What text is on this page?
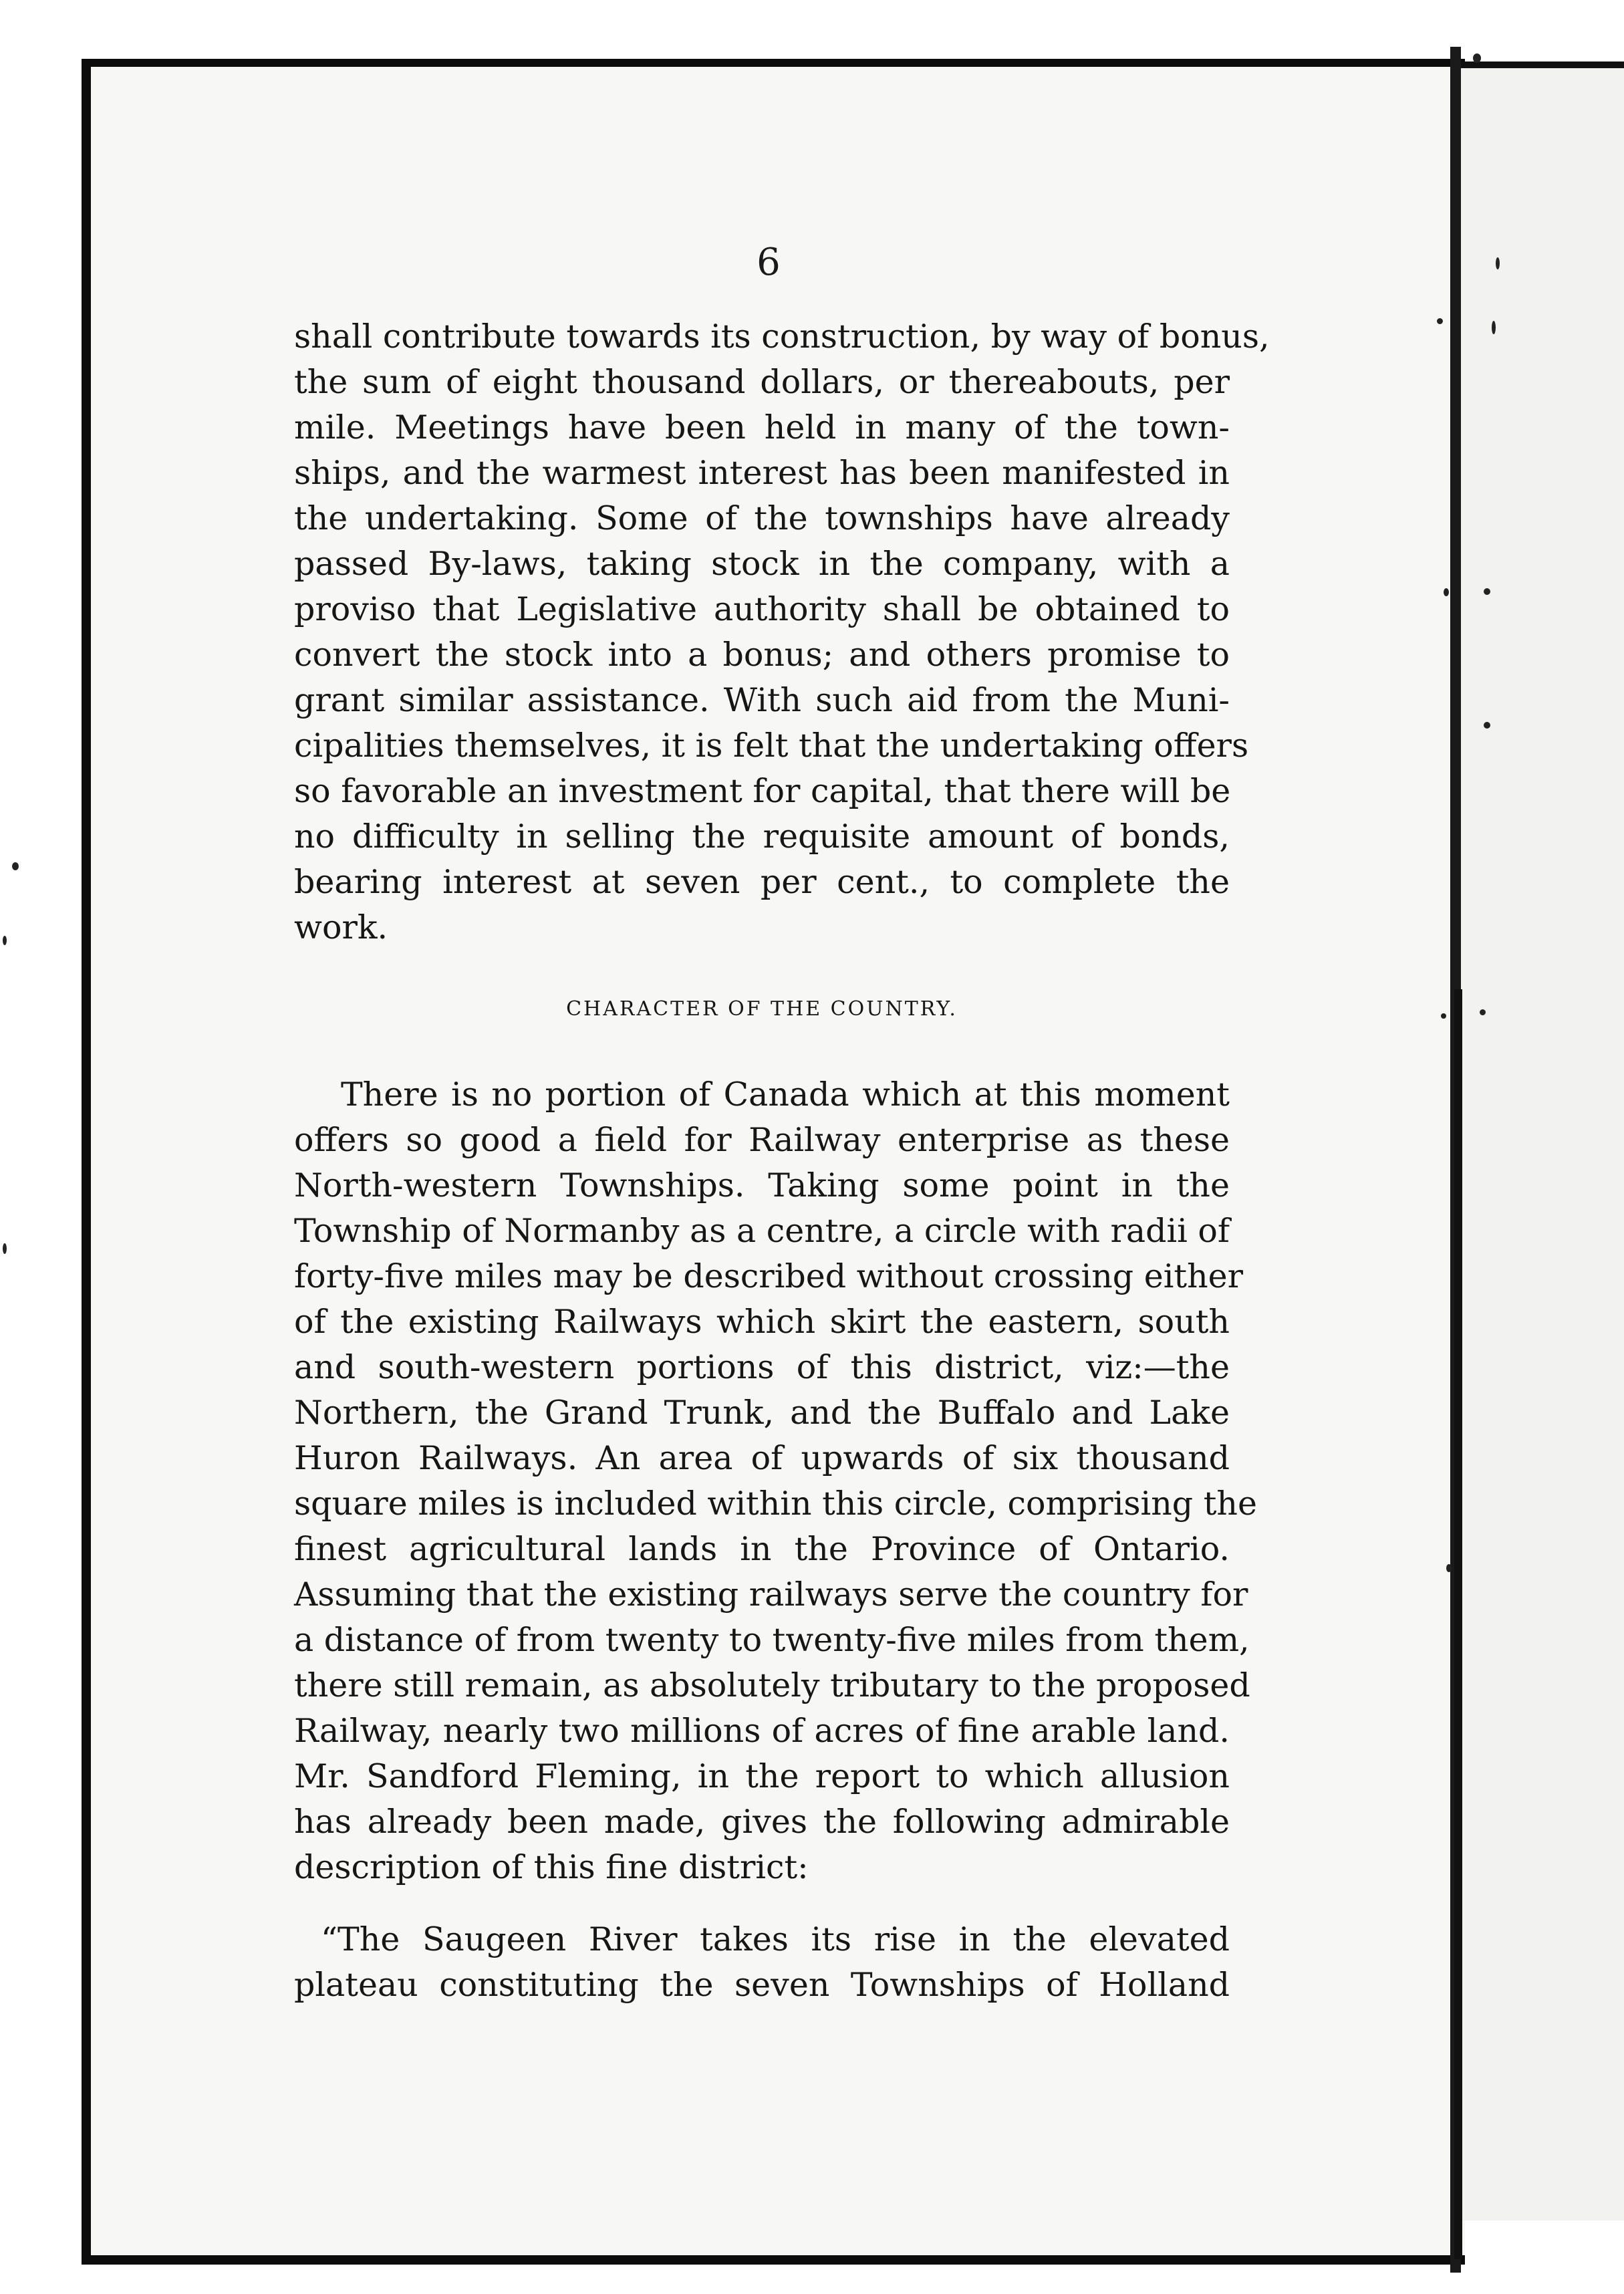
6
shall contribute towards its construction, by way of bonus,
the sum of eight thousand dollars, or thereabouts, per
mile. Meetings have been held in many of the town-
ships, and the warmest interest has been manifested in
the undertaking. Some of the townships have already
passed By-laws, taking stock in the company, with a
proviso that Legislative authority shall be obtained to
convert the stock into a bonus; and others promise to
grant similar assistance. With such aid from the Muni-
cipalities themselves, it is felt that the undertaking offers
so favorable an investment for capital, that there will be
no difficulty in selling the requisite amount of bonds,
bearing interest at seven per cent., to complete the
work.
CHARACTER OF THE COUNTRY.
There is no portion of Canada which at this moment
offers so good a field for Railway enterprise as these
North-western Townships. Taking some point in the
Township of Normanby as a centre, a circle with radii of
forty-five miles may be described without crossing either
of the existing Railways which skirt the eastern, south
and south-western portions of this district, viz:—the
Northern, the Grand Trunk, and the Buffalo and Lake
Huron Railways. An area of upwards of six thousand
square miles is included within this circle, comprising the
finest agricultural lands in the Province of Ontario.
Assuming that the existing railways serve the country for
a distance of from twenty to twenty-five miles from them,
there still remain, as absolutely tributary to the proposed
Railway, nearly two millions of acres of fine arable land.
Mr. Sandford Fleming, in the report to which allusion
has already been made, gives the following admirable
description of this fine district:
“The Saugeen River takes its rise in the elevated
plateau constituting the seven Townships of Holland
